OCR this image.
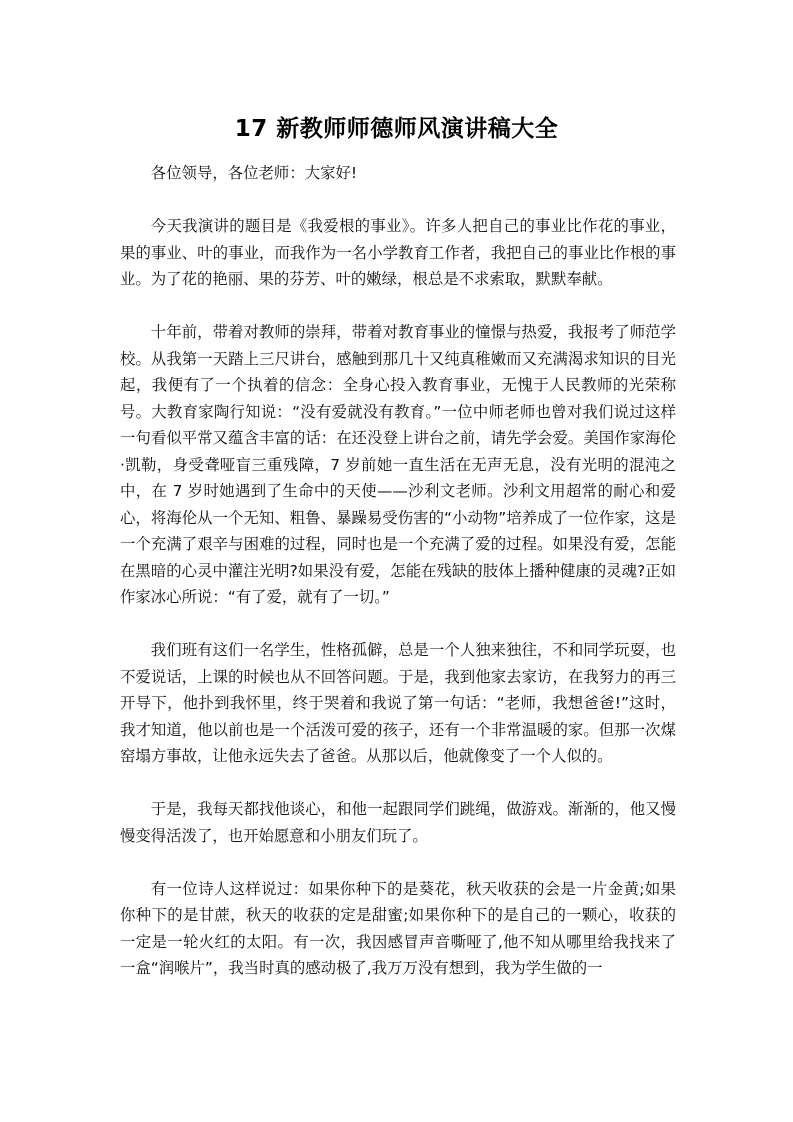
17 新教师师德师风演讲稿大全

各位领导，各位老师：大家好!

今天我演讲的题目是《我爱根的事业》。许多人把自己的事业比作花的事业，果的事业、叶的事业，而我作为一名小学教育工作者，我把自己的事业比作根的事业。为了花的艳丽、果的芬芳、叶的嫩绿，根总是不求索取，默默奉献。

十年前，带着对教师的崇拜，带着对教育事业的憧憬与热爱，我报考了师范学校。从我第一天踏上三尺讲台，感触到那几十又纯真稚嫩而又充满渴求知识的目光起，我便有了一个执着的信念：全身心投入教育事业，无愧于人民教师的光荣称号。大教育家陶行知说：“没有爱就没有教育。”一位中师老师也曾对我们说过这样一句看似平常又蕴含丰富的话：在还没登上讲台之前，请先学会爱。美国作家海伦·凯勒，身受聋哑盲三重残障，7 岁前她一直生活在无声无息，没有光明的混沌之中，在 7 岁时她遇到了生命中的天使——沙利文老师。沙利文用超常的耐心和爱心，将海伦从一个无知、粗鲁、暴躁易受伤害的“小动物”培养成了一位作家，这是一个充满了艰辛与困难的过程，同时也是一个充满了爱的过程。如果没有爱，怎能在黑暗的心灵中灌注光明?如果没有爱，怎能在残缺的肢体上播种健康的灵魂?正如作家冰心所说：“有了爱，就有了一切。”

我们班有这们一名学生，性格孤僻，总是一个人独来独往，不和同学玩耍，也不爱说话，上课的时候也从不回答问题。于是，我到他家去家访，在我努力的再三开导下，他扑到我怀里，终于哭着和我说了第一句话：“老师，我想爸爸!”这时，我才知道，他以前也是一个活泼可爱的孩子，还有一个非常温暖的家。但那一次煤窑塌方事故，让他永远失去了爸爸。从那以后，他就像变了一个人似的。

于是，我每天都找他谈心，和他一起跟同学们跳绳，做游戏。渐渐的，他又慢慢变得活泼了，也开始愿意和小朋友们玩了。

有一位诗人这样说过：如果你种下的是葵花，秋天收获的会是一片金黄;如果你种下的是甘蔗，秋天的收获的定是甜蜜;如果你种下的是自己的一颗心，收获的一定是一轮火红的太阳。有一次，我因感冒声音嘶哑了,他不知从哪里给我找来了一盒“润喉片”，我当时真的感动极了,我万万没有想到，我为学生做的一
